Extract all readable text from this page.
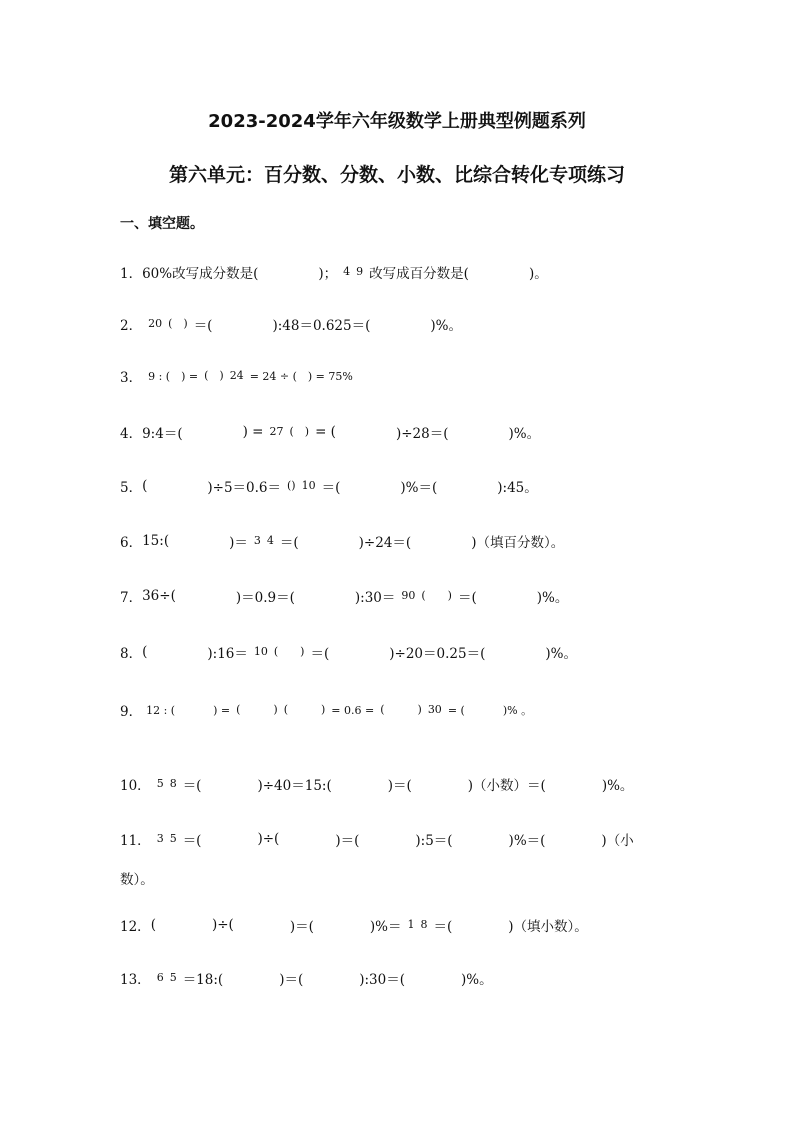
2023-2024学年六年级数学上册典型例题系列
第六单元：百分数、分数、小数、比综合转化专项练习
一、填空题。
1． 60%改写成分数是(	)； 4 9 改写成百分数是(	)。
2． 20 (　) ＝(	):48＝0.625＝(	)%。
3． 9 : (　) = (　) 24 = 24 ÷ (　) = 75%
4． 9:4＝(	) = 27 (　) = (	)÷28＝(	)%。
5． (	)÷5＝0.6＝ () 10 ＝(	)%＝(	):45。
6． 15:(	)＝ 3 4 ＝(	)÷24＝(	)（填百分数）。
7． 36÷(	)＝0.9＝(	):30＝ 90 (　　) ＝(	)%。
8． (	):16＝ 10 (　　) ＝(	)÷20＝0.25＝(	)%。
9． 12 : (	) = (　　　) (　　　) = 0.6 = (　　　) 30 = (	)% 。
10． 5 8 ＝(	)÷40＝15:(	)＝(	)（小数）＝(	)%。
11． 3 5 ＝(	)÷(	)＝(	):5＝(	)%＝(	)（小
数）。
12． (	)÷(	)＝(	)%＝ 1 8 ＝(	)（填小数）。
13． 6 5 ＝18:(	)＝(	):30＝(	)%。
